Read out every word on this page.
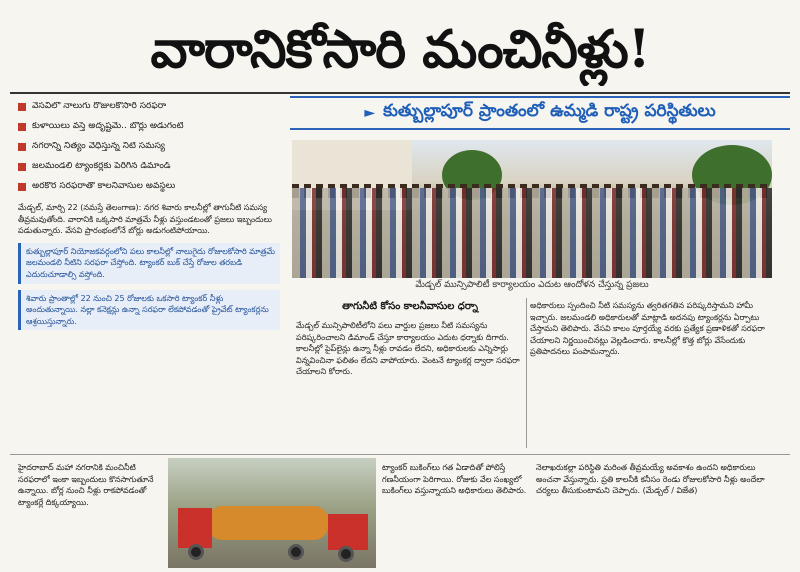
వారానికోసారి మంచినీళ్లు!
వేసవిలో నాలుగు రోజులకోసారి సరఫరా
కుళాయిలు వస్తే అదృష్టమే.. బోర్లు అడుగంటి
నగరాన్ని నిత్యం వేధిస్తున్న నీటి సమస్య
జలమండలి ట్యాంకర్లకు పెరిగిన డిమాండ్
అరకొర సరఫరాతో కాలనీవాసుల అవస్థలు
► కుత్బుల్లాపూర్ ప్రాంతంలో ఉమ్మడి రాష్ట్ర పరిస్థితులు
మేడ్చల్ మున్సిపాలిటీ కార్యాలయం ఎదుట ఆందోళన చేస్తున్న ప్రజలు

మేడ్చల్, మార్చి 22 (నమస్తే తెలంగాణ): నగర శివారు కాలనీల్లో తాగునీటి సమస్య తీవ్రమవుతోంది. వారానికి ఒక్కసారి మాత్రమే నీళ్లు వస్తుండటంతో ప్రజలు ఇబ్బందులు పడుతున్నారు. వేసవి ప్రారంభంలోనే బోర్లు అడుగంటిపోయాయి.

కుత్బుల్లాపూర్ నియోజకవర్గంలోని పలు కాలనీల్లో నాలుగైదు రోజులకోసారి మాత్రమే జలమండలి నీటిని సరఫరా చేస్తోంది. ట్యాంకర్ బుక్ చేస్తే రోజుల తరబడి ఎదురుచూడాల్సి వస్తోంది.
శివారు ప్రాంతాల్లో 22 నుంచి 25 రోజులకు ఒకసారి ట్యాంకర్ నీళ్లు అందుతున్నాయి. నల్లా కనెక్షన్లు ఉన్నా సరఫరా లేకపోవడంతో ప్రైవేట్ ట్యాంకర్లను ఆశ్రయిస్తున్నారు.
తాగునీటి కోసం కాలనీవాసుల ధర్నా
మేడ్చల్ మున్సిపాలిటీలోని పలు వార్డుల ప్రజలు నీటి సమస్యను పరిష్కరించాలని డిమాండ్ చేస్తూ కార్యాలయం ఎదుట ధర్నాకు దిగారు. కాలనీల్లో పైప్‌లైన్లు ఉన్నా నీళ్లు రావడం లేదని, అధికారులకు ఎన్నిసార్లు విన్నవించినా ఫలితం లేదని వాపోయారు. వెంటనే ట్యాంకర్ల ద్వారా సరఫరా చేయాలని కోరారు.
అధికారులు స్పందించి నీటి సమస్యను త్వరితగతిన పరిష్కరిస్తామని హామీ ఇచ్చారు. జలమండలి అధికారులతో మాట్లాడి అదనపు ట్యాంకర్లను ఏర్పాటు చేస్తామని తెలిపారు. వేసవి కాలం పూర్తయ్యే వరకు ప్రత్యేక ప్రణాళికతో సరఫరా చేయాలని నిర్ణయించినట్లు వెల్లడించారు. కాలనీల్లో కొత్త బోర్లు వేసేందుకు ప్రతిపాదనలు పంపామన్నారు.
హైదరాబాద్ మహా నగరానికి మంచినీటి సరఫరాలో ఇంకా ఇబ్బందులు కొనసాగుతూనే ఉన్నాయి. బోర్ల నుంచి నీళ్లు రాకపోవడంతో ట్యాంకర్లే దిక్కయ్యాయి.
ట్యాంకర్ బుకింగ్‌లు గత ఏడాదితో పోలిస్తే గణనీయంగా పెరిగాయి. రోజుకు వేల సంఖ్యలో బుకింగ్‌లు వస్తున్నాయని అధికారులు తెలిపారు.
నెలాఖరుకల్లా పరిస్థితి మరింత తీవ్రమయ్యే అవకాశం ఉందని అధికారులు అంచనా వేస్తున్నారు. ప్రతి కాలనీకి కనీసం రెండు రోజులకోసారి నీళ్లు అందేలా చర్యలు తీసుకుంటామని చెప్పారు. (మేడ్చల్ / విజేత)
